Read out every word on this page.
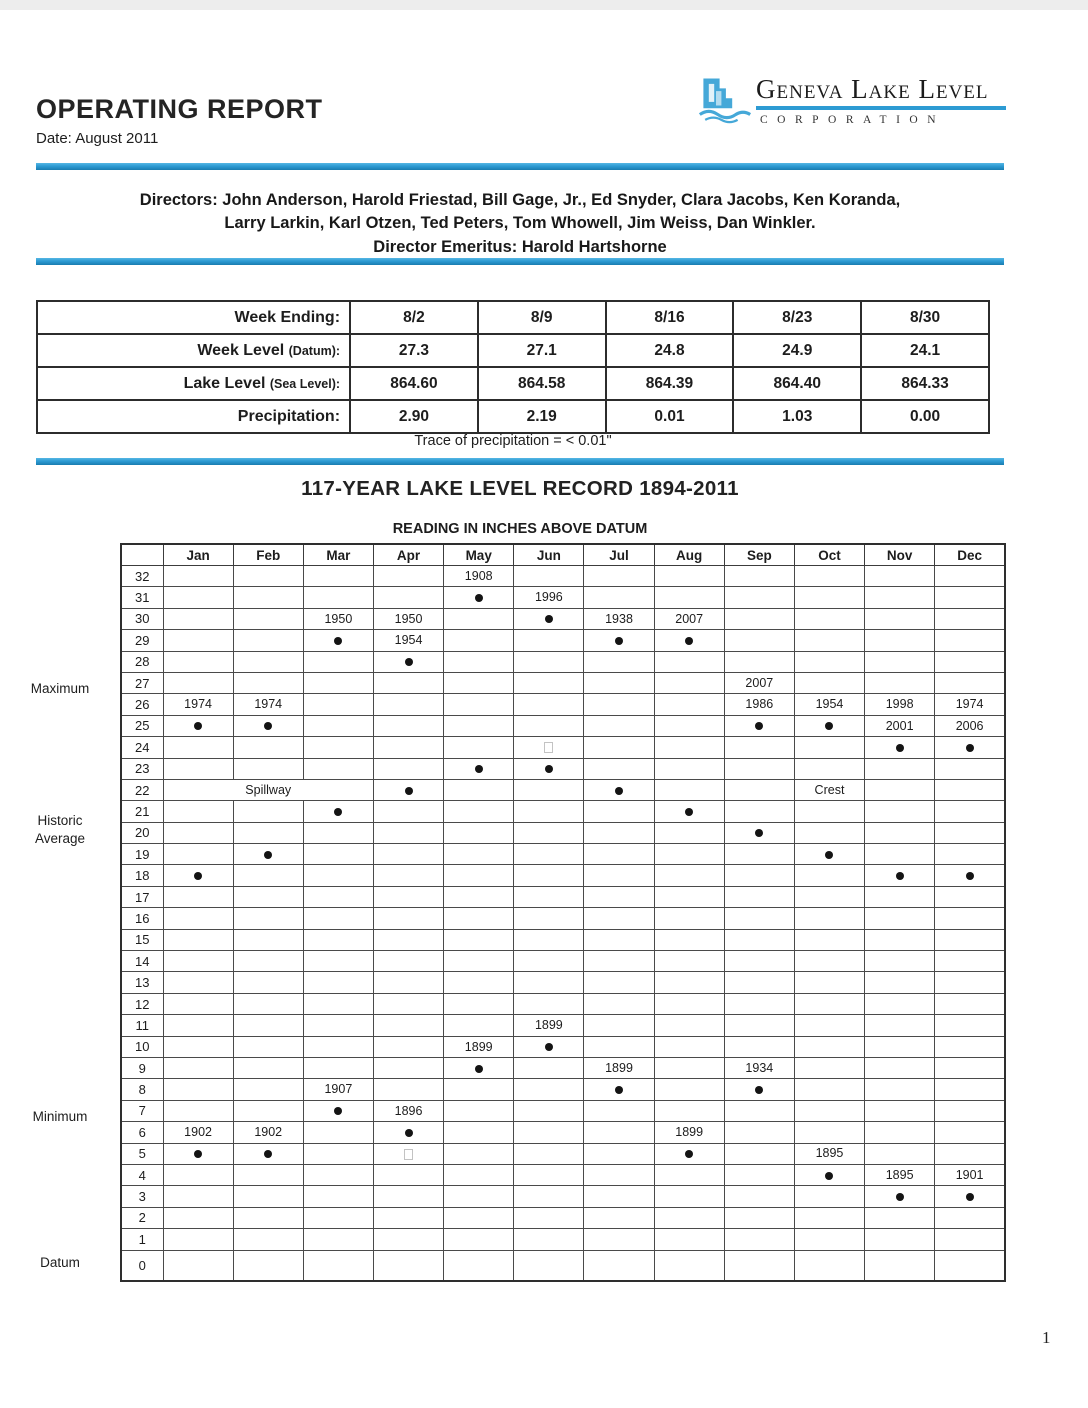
OPERATING REPORT
Date: August 2011
Geneva Lake Level
CORPORATION
Directors: John Anderson, Harold Friestad, Bill Gage, Jr., Ed Snyder, Clara Jacobs, Ken Koranda,
Larry Larkin, Karl Otzen, Ted Peters, Tom Whowell, Jim Weiss, Dan Winkler.
Director Emeritus: Harold Hartshorne
Week Ending:	8/2	8/9	8/16	8/23	8/30
Week Level (Datum):	27.3	27.1	24.8	24.9	24.1
Lake Level (Sea Level):	864.60	864.58	864.39	864.40	864.33
Precipitation:	2.90	2.19	0.01	1.03	0.00
Trace of precipitation = < 0.01"
117-YEAR LAKE LEVEL RECORD 1894-2011
READING IN INCHES ABOVE DATUM
Maximum
Historic
Average
Minimum
Datum
	Jan	Feb	Mar	Apr	May	Jun	Jul	Aug	Sep	Oct	Nov	Dec
32					1908							
31						1996						
30			1950	1950			1938	2007				
29				1954								
28												
27									2007			
26	1974	1974							1986	1954	1998	1974
25											2001	2006
24												
23												
22	Spillway									Crest		
21												
20												
19												
18												
17												
16												
15												
14												
13												
12												
11						1899						
10					1899							
9							1899		1934			
8			1907									
7				1896								
6	1902	1902						1899				
5										1895		
4											1895	1901
3												
2												
1												
0												
1
